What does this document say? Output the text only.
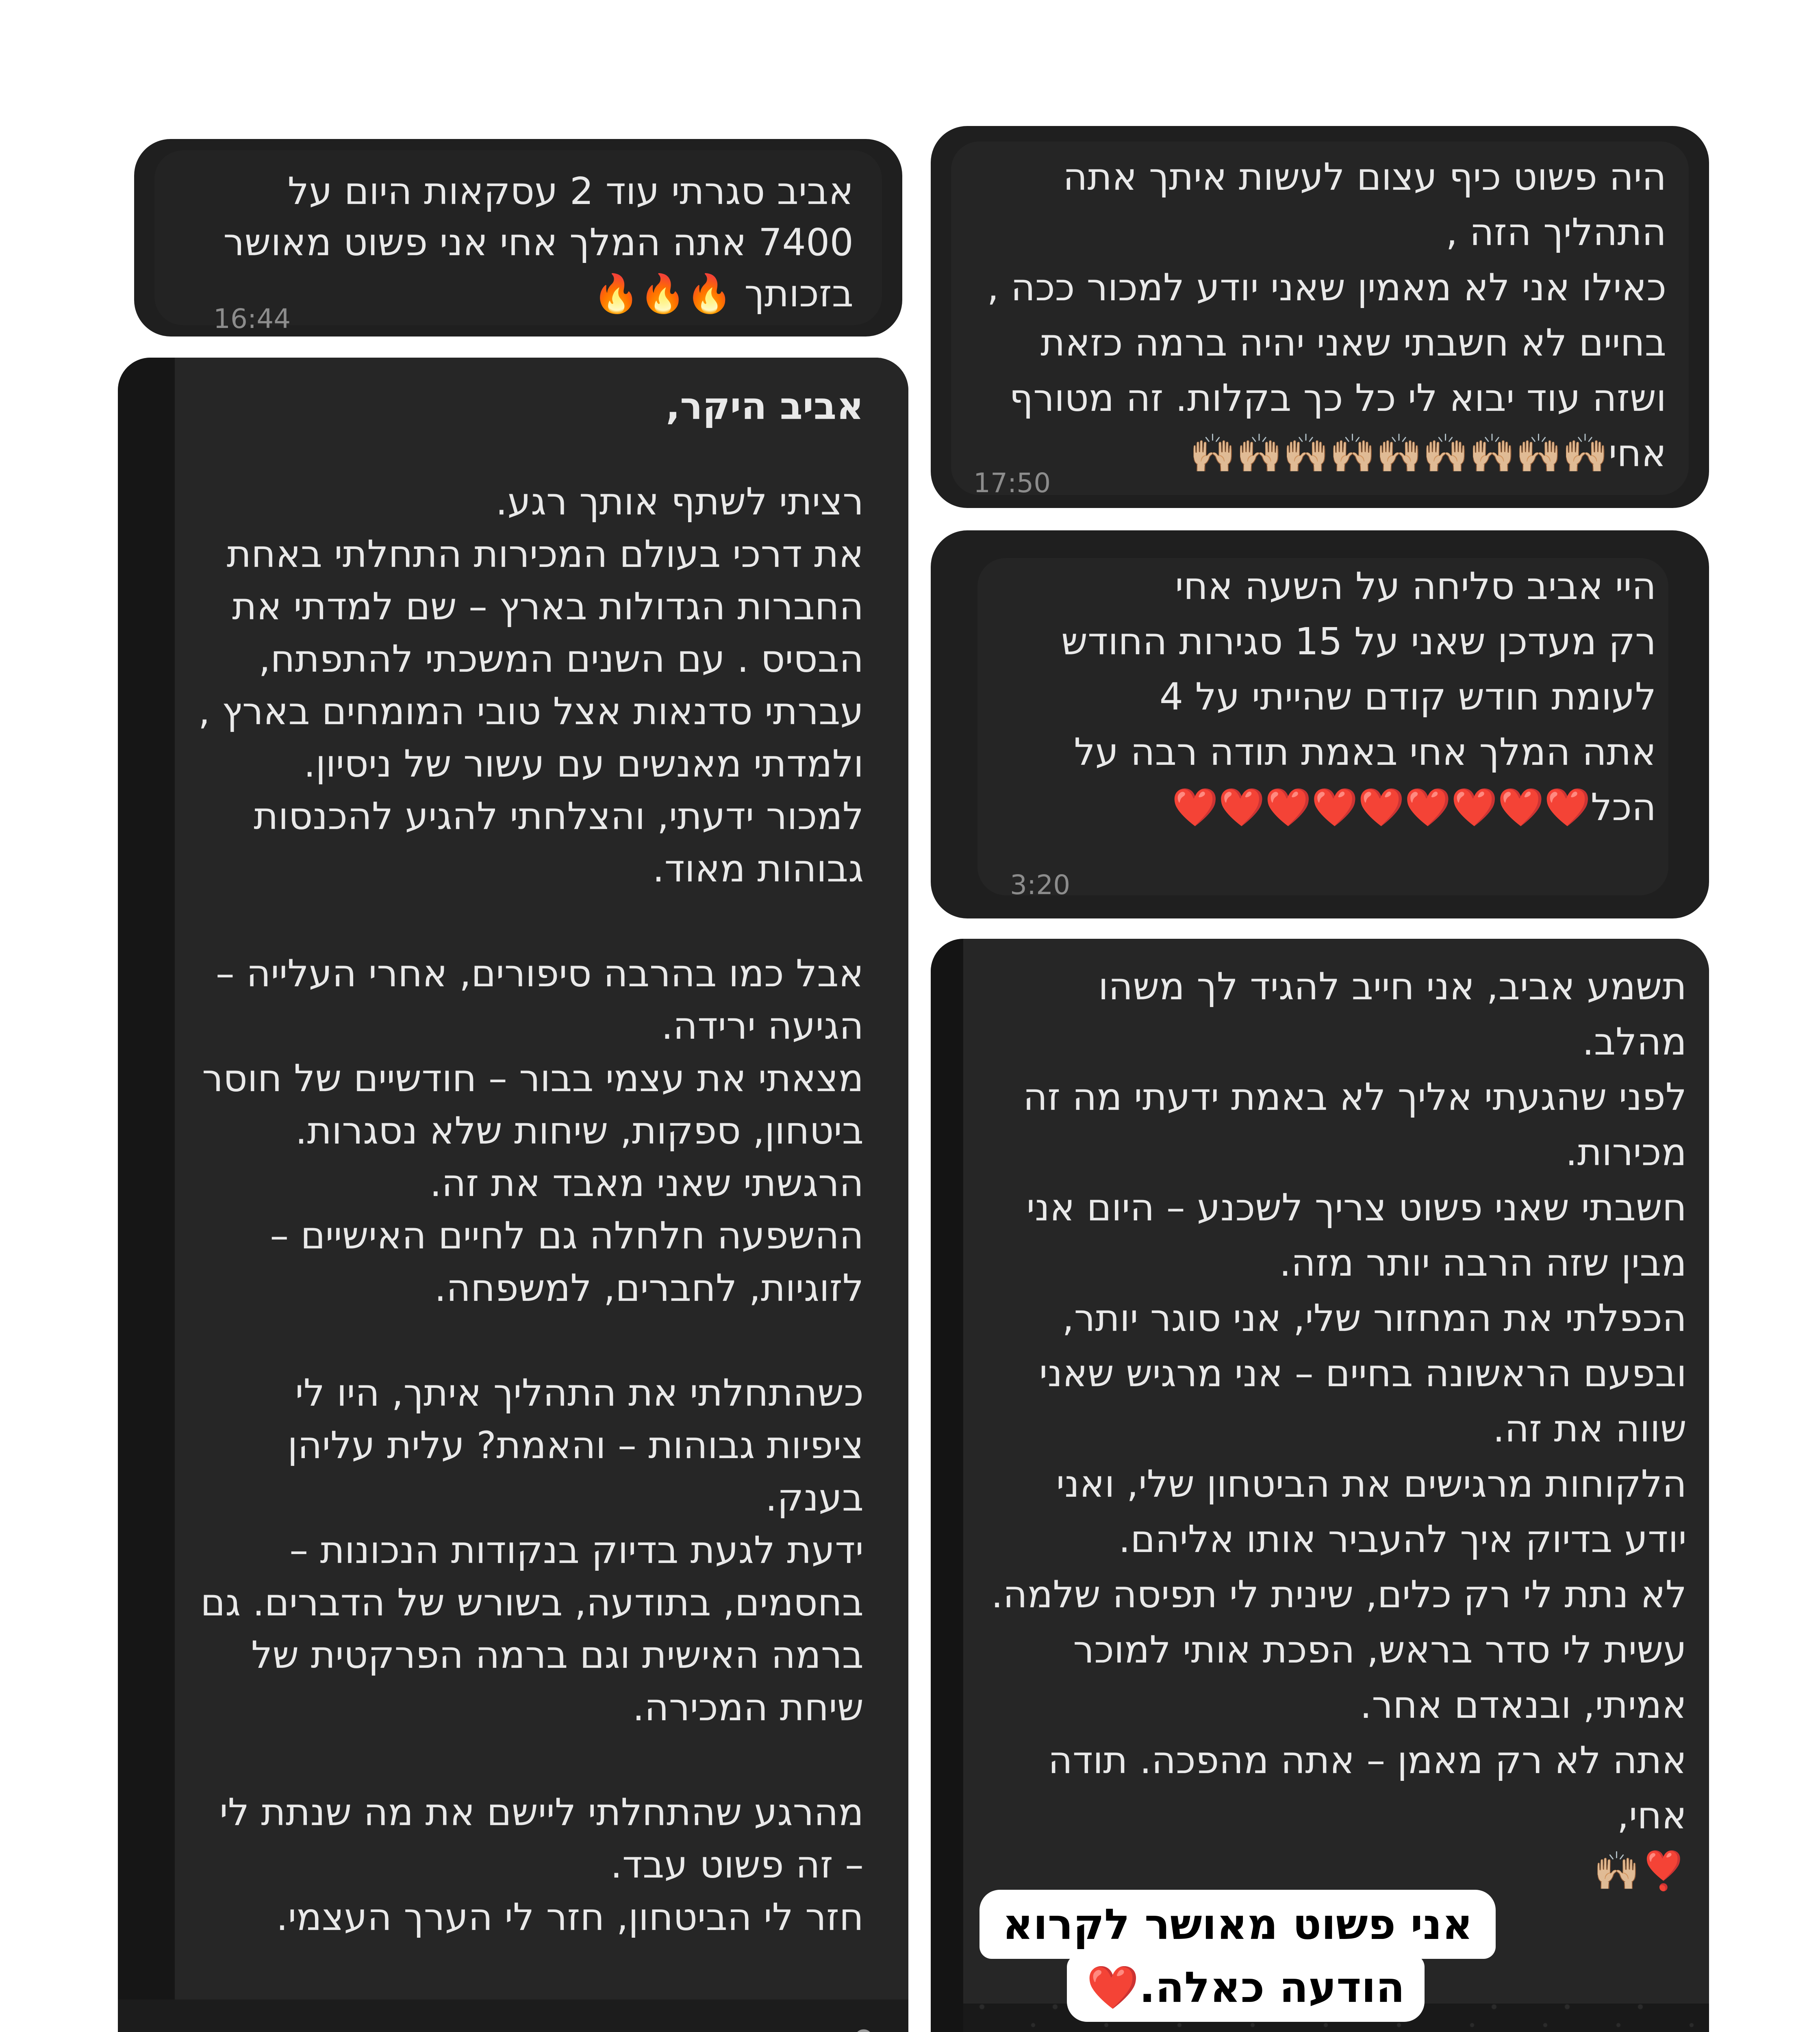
אביב סגרתי עוד 2 עסקאות היום על 7400 אתה המלך אחי אני פשוט מאושר בזכותך 🔥🔥🔥

16:44

היה פשוט כיף עצום לעשות איתך אתה התהליך הזה ,
כאילו אני לא מאמין שאני יודע למכור ככה , בחיים לא חשבתי שאני יהיה ברמה כזאת ושזה עוד יבוא לי כל כך בקלות. זה מטורף אחי🙌🏼🙌🏼🙌🏼🙌🏼🙌🏼🙌🏼🙌🏼🙌🏼🙌🏼

17:50

היי אביב סליחה על השעה אחי
רק מעדכן שאני על 15 סגירות החודש לעומת חודש קודם שהייתי על 4
אתה המלך אחי באמת תודה רבה על הכל❤️❤️❤️❤️❤️❤️❤️❤️❤️

3:20

אביב היקר,

רציתי לשתף אותך רגע.
את דרכי בעולם המכירות התחלתי באחת החברות הגדולות בארץ – שם למדתי את הבסיס . עם השנים המשכתי להתפתח, עברתי סדנאות אצל טובי המומחים בארץ , ולמדתי מאנשים עם עשור של ניסיון.
למכור ידעתי, והצלחתי להגיע להכנסות גבוהות מאוד.

אבל כמו בהרבה סיפורים, אחרי העלייה – הגיעה ירידה.
מצאתי את עצמי בבור – חודשיים של חוסר ביטחון, ספקות, שיחות שלא נסגרות. הרגשתי שאני מאבד את זה.
ההשפעה חלחלה גם לחיים האישיים – לזוגיות, לחברים, למשפחה.

כשהתחלתי את התהליך איתך, היו לי ציפיות גבוהות – והאמת? עלית עליהן בענק.
ידעת לגעת בדיוק בנקודות הנכונות – בחסמים, בתודעה, בשורש של הדברים. גם ברמה האישית וגם ברמה הפרקטית של שיחת המכירה.

מהרגע שהתחלתי ליישם את מה שנתת לי – זה פשוט עבד.
חזר לי הביטחון, חזר לי הערך העצמי.

תשמע אביב, אני חייב להגיד לך משהו מהלב.
לפני שהגעתי אליך לא באמת ידעתי מה זה מכירות.
חשבתי שאני פשוט צריך לשכנע – היום אני מבין שזה הרבה יותר מזה.
הכפלתי את המחזור שלי, אני סוגר יותר, ובפעם הראשונה בחיים – אני מרגיש שאני שווה את זה.
הלקוחות מרגישים את הביטחון שלי, ואני יודע בדיוק איך להעביר אותו אליהם.
לא נתת לי רק כלים, שינית לי תפיסה שלמה.
עשית לי סדר בראש, הפכת אותי למוכר אמיתי, ובנאדם אחר.
אתה לא רק מאמן – אתה מהפכה. תודה אחי,
❣️🙌🏼

אני פשוט מאושר לקרוא
הודעה כאלה.❤️
